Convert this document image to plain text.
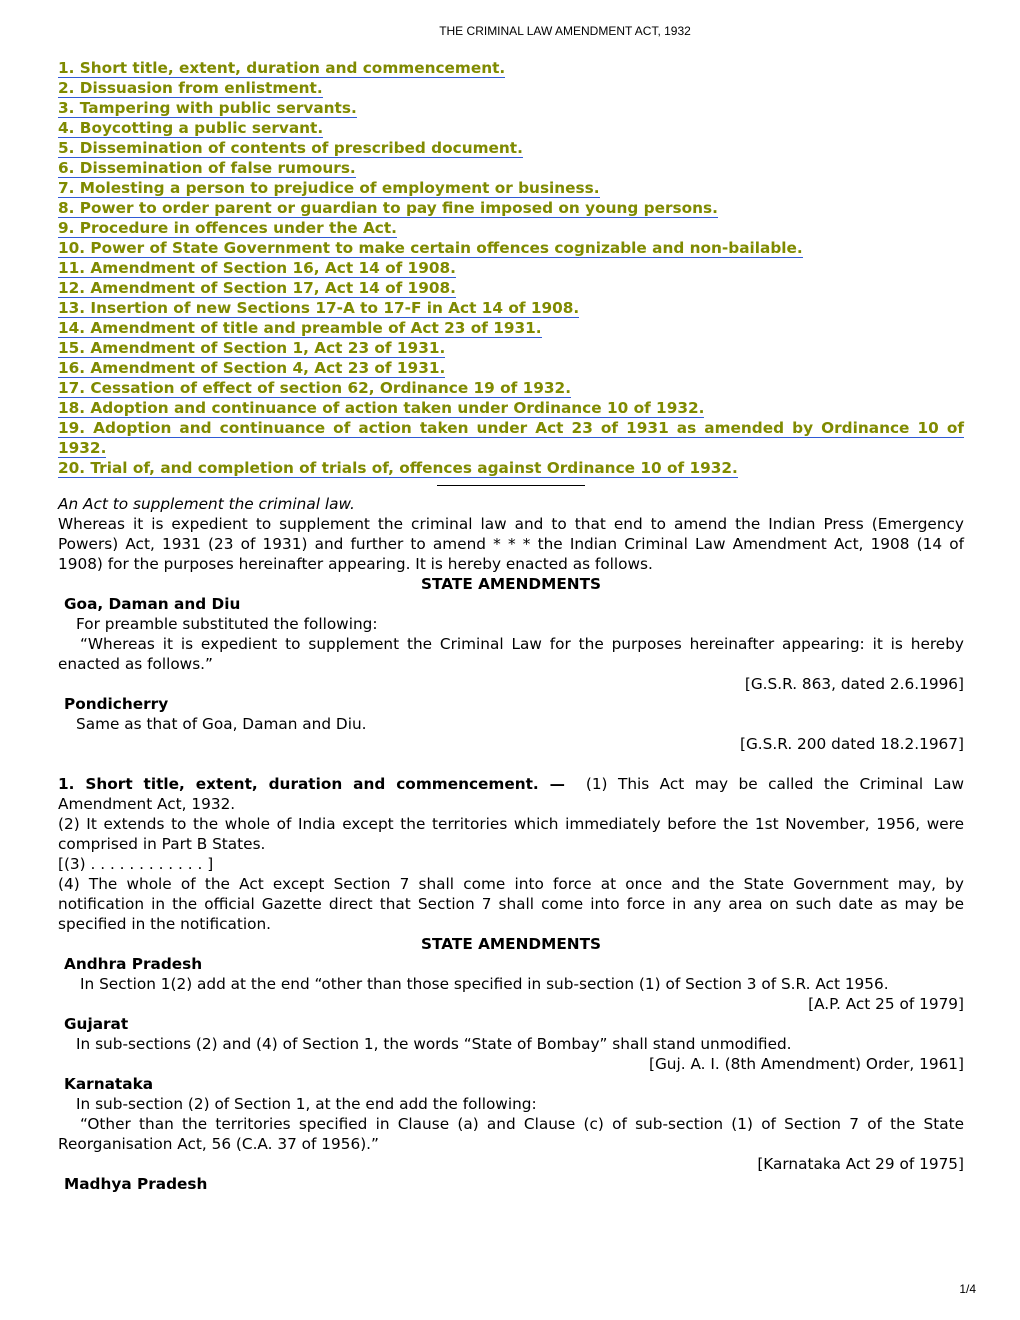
THE CRIMINAL LAW AMENDMENT ACT, 1932
1. Short title, extent, duration and commencement.
2. Dissuasion from enlistment.
3. Tampering with public servants.
4. Boycotting a public servant.
5. Dissemination of contents of prescribed document.
6. Dissemination of false rumours.
7. Molesting a person to prejudice of employment or business.
8. Power to order parent or guardian to pay fine imposed on young persons.
9. Procedure in offences under the Act.
10. Power of State Government to make certain offences cognizable and non-bailable.
11. Amendment of Section 16, Act 14 of 1908.
12. Amendment of Section 17, Act 14 of 1908.
13. Insertion of new Sections 17-A to 17-F in Act 14 of 1908.
14. Amendment of title and preamble of Act 23 of 1931.
15. Amendment of Section 1, Act 23 of 1931.
16. Amendment of Section 4, Act 23 of 1931.
17. Cessation of effect of section 62, Ordinance 19 of 1932.
18. Adoption and continuance of action taken under Ordinance 10 of 1932.
19. Adoption and continuance of action taken under Act 23 of 1931 as amended by Ordinance 10 of 1932.
20. Trial of, and completion of trials of, offences against Ordinance 10 of 1932.
An Act to supplement the criminal law.
Whereas it is expedient to supplement the criminal law and to that end to amend the Indian Press (Emergency Powers) Act, 1931 (23 of 1931) and further to amend * * * the Indian Criminal Law Amendment Act, 1908 (14 of 1908) for the purposes hereinafter appearing. It is hereby enacted as follows.
STATE AMENDMENTS
Goa, Daman and Diu
For preamble substituted the following:
“Whereas it is expedient to supplement the Criminal Law for the purposes hereinafter appearing: it is hereby enacted as follows.”
[G.S.R. 863, dated 2.6.1996]
Pondicherry
Same as that of Goa, Daman and Diu.
[G.S.R. 200 dated 18.2.1967]
1. Short title, extent, duration and commencement. — (1) This Act may be called the Criminal Law Amendment Act, 1932.
(2) It extends to the whole of India except the territories which immediately before the 1st November, 1956, were comprised in Part B States.
[(3) . . . . . . . . . . . . ]
(4) The whole of the Act except Section 7 shall come into force at once and the State Government may, by notification in the official Gazette direct that Section 7 shall come into force in any area on such date as may be specified in the notification.
STATE AMENDMENTS
Andhra Pradesh
In Section 1(2) add at the end “other than those specified in sub-section (1) of Section 3 of S.R. Act 1956.
[A.P. Act 25 of 1979]
Gujarat
In sub-sections (2) and (4) of Section 1, the words “State of Bombay” shall stand unmodified.
[Guj. A. I. (8th Amendment) Order, 1961]
Karnataka
In sub-section (2) of Section 1, at the end add the following:
“Other than the territories specified in Clause (a) and Clause (c) of sub-section (1) of Section 7 of the State Reorganisation Act, 56 (C.A. 37 of 1956).”
[Karnataka Act 29 of 1975]
Madhya Pradesh
1/4
